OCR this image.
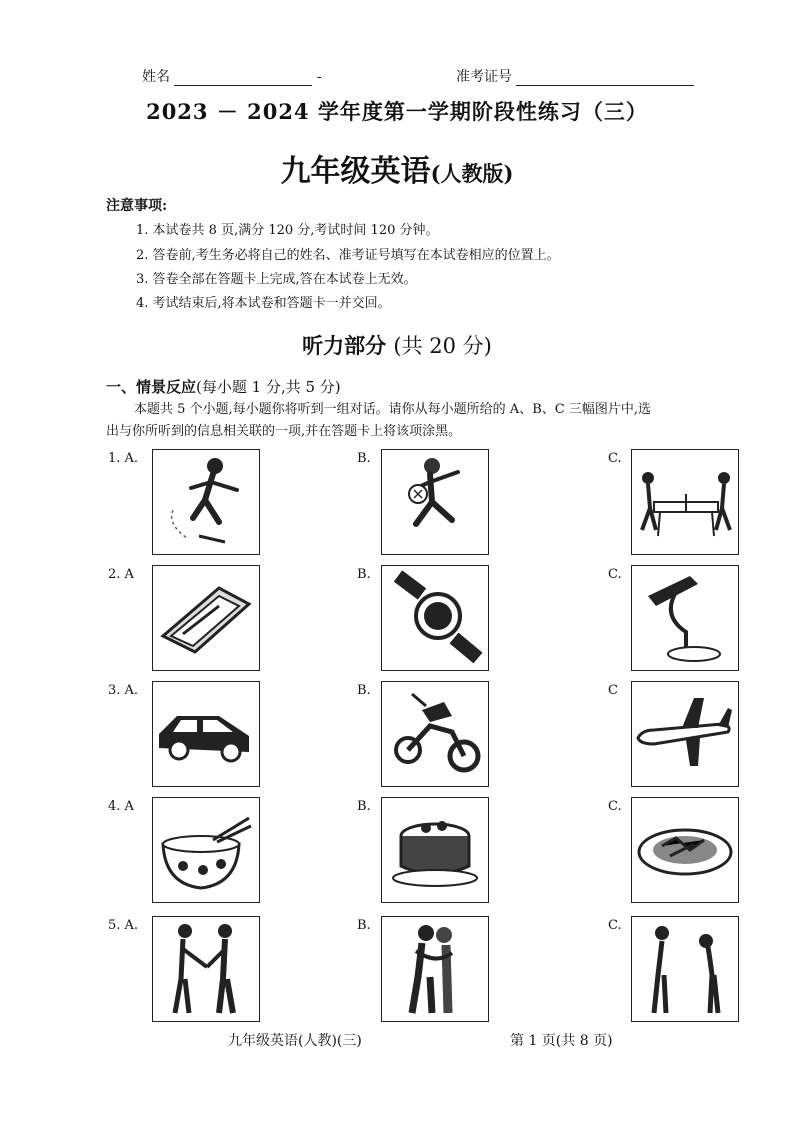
姓名	-	准考证号
2023 － 2024 学年度第一学期阶段性练习（三）
九年级英语(人教版)
注意事项:
1. 本试卷共 8 页,满分 120 分,考试时间 120 分钟。
2. 答卷前,考生务必将自己的姓名、准考证号填写在本试卷相应的位置上。
3. 答卷全部在答题卡上完成,答在本试卷上无效。
4. 考试结束后,将本试卷和答题卡一并交回。
听力部分 (共 20 分)
一、情景反应(每小题 1 分,共 5 分)
本题共 5 个小题,每小题你将听到一组对话。请你从每小题所给的 A、B、C 三幅图片中,选
出与你所听到的信息相关联的一项,并在答题卡上将该项涂黑。
1. A.	B.	C.
2. A	B.	C.
3. A.	B.	C
4. A	B.	C.
5. A.	B.	C.
九年级英语(人教)(三)	第 1 页(共 8 页)
